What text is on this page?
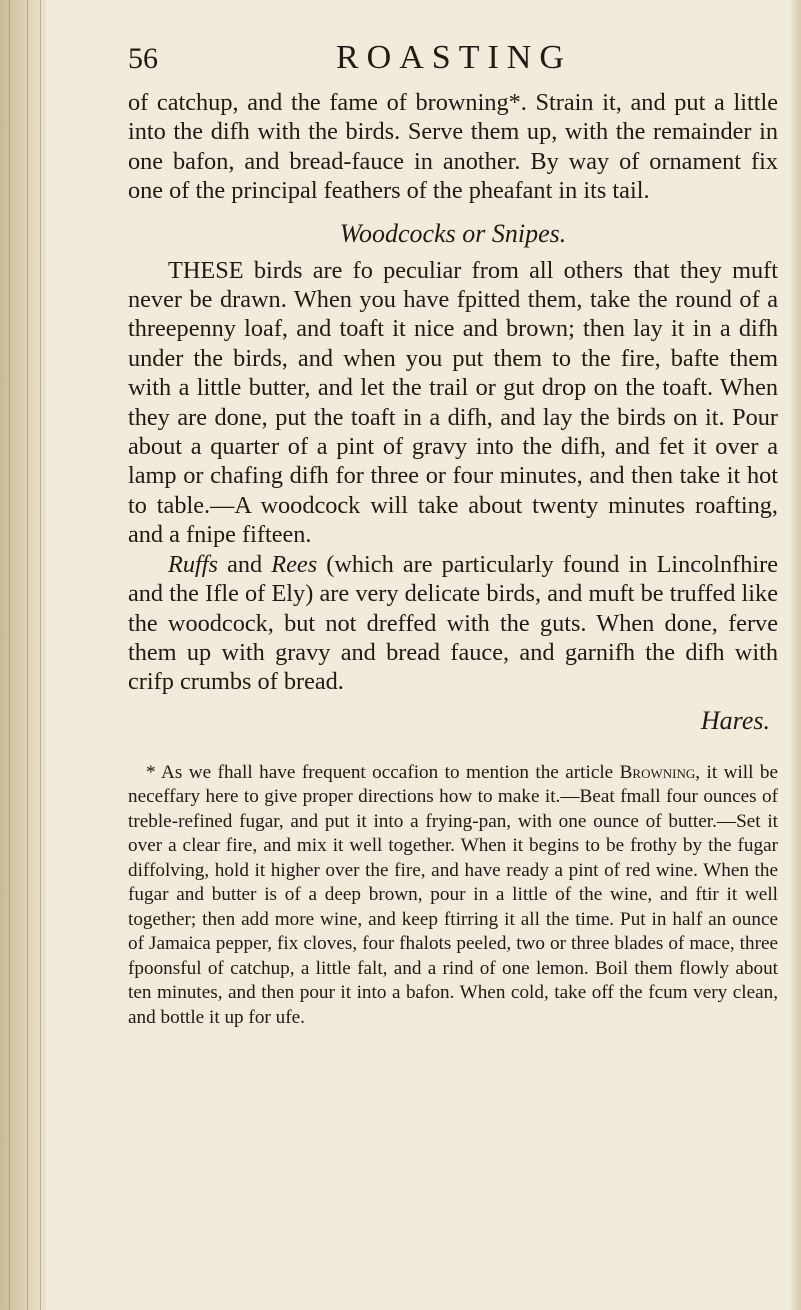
56	ROASTING

of catchup, and the fame of browning*. Strain it, and put a little into the difh with the birds. Serve them up, with the remainder in one bafon, and bread-fauce in another. By way of ornament fix one of the principal feathers of the pheafant in its tail.

Woodcocks or Snipes.

THESE birds are fo peculiar from all others that they muft never be drawn. When you have fpitted them, take the round of a threepenny loaf, and toaft it nice and brown; then lay it in a difh under the birds, and when you put them to the fire, bafte them with a little butter, and let the trail or gut drop on the toaft. When they are done, put the toaft in a difh, and lay the birds on it. Pour about a quarter of a pint of gravy into the difh, and fet it over a lamp or chafing difh for three or four minutes, and then take it hot to table.—A woodcock will take about twenty minutes roafting, and a fnipe fifteen.

Ruffs and Rees (which are particularly found in Lincolnfhire and the Ifle of Ely) are very delicate birds, and muft be truffed like the woodcock, but not dreffed with the guts. When done, ferve them up with gravy and bread fauce, and garnifh the difh with crifp crumbs of bread.

Hares.

* As we fhall have frequent occafion to mention the article Browning, it will be neceffary here to give proper directions how to make it.—Beat fmall four ounces of treble-refined fugar, and put it into a frying-pan, with one ounce of butter.—Set it over a clear fire, and mix it well together. When it begins to be frothy by the fugar diffolving, hold it higher over the fire, and have ready a pint of red wine. When the fugar and butter is of a deep brown, pour in a little of the wine, and ftir it well together; then add more wine, and keep ftirring it all the time. Put in half an ounce of Jamaica pepper, fix cloves, four fhalots peeled, two or three blades of mace, three fpoonsful of catchup, a little falt, and a rind of one lemon. Boil them flowly about ten minutes, and then pour it into a bafon. When cold, take off the fcum very clean, and bottle it up for ufe.
